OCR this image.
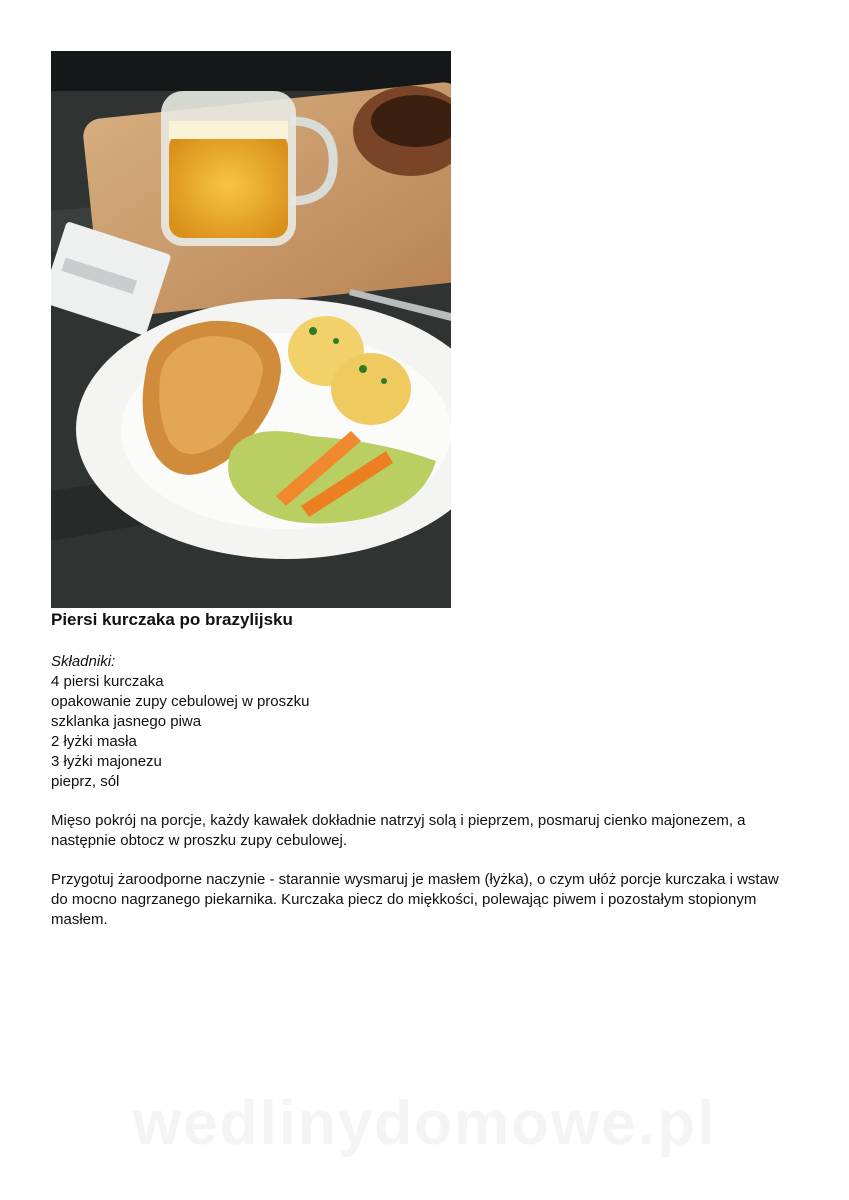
Piersi kurczaka po brazylijsku
Składniki:
4 piersi kurczaka
opakowanie zupy cebulowej w proszku
szklanka jasnego piwa
2 łyżki masła
3 łyżki majonezu
pieprz, sól
Mięso pokrój na porcje, każdy kawałek dokładnie natrzyj solą i pieprzem, posmaruj cienko majonezem, a następnie obtocz w proszku zupy cebulowej.
Przygotuj żaroodporne naczynie - starannie wysmaruj je masłem (łyżka), o czym ułóż porcje kurczaka i wstaw do mocno nagrzanego piekarnika. Kurczaka piecz do miękkości, polewając piwem i pozostałym stopionym masłem.
wedlinydomowe.pl
